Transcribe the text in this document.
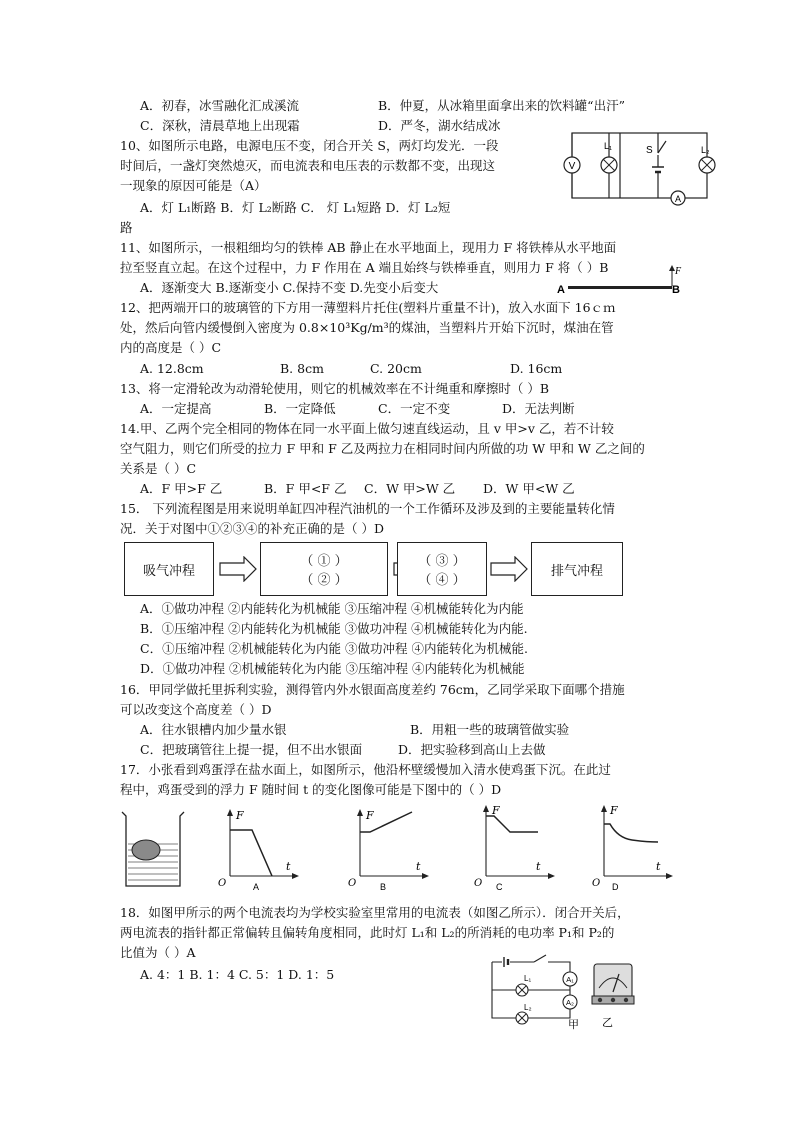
A．初春，冰雪融化汇成溪流	B．仲夏，从冰箱里面拿出来的饮料罐“出汗”
C．深秋，清晨草地上出现霜	D．严冬，湖水结成冰
10、如图所示电路，电源电压不变，闭合开关 S，两灯均发光．一段
时间后，一盏灯突然熄灭，而电流表和电压表的示数都不变，出现这
一现象的原因可能是（A）
A．灯 L₁断路 B．灯 L₂断路 C． 灯 L₁短路 D．灯 L₂短
路
V
L₁	S	L₂
A
11、如图所示，一根粗细均匀的铁棒 AB 静止在水平地面上，现用力 F 将铁棒从水平地面
拉至竖直立起。在这个过程中，力 F 作用在 A 端且始终与铁棒垂直，则用力 F 将（ ）B
A．逐渐变大 B.逐渐变小 C.保持不变 D.先变小后变大	A	B
F
12、把两端开口的玻璃管的下方用一薄塑料片托住(塑料片重量不计)，放入水面下 16ｃｍ
处，然后向管内缓慢倒入密度为 0.8×10³Kg/m³的煤油，当塑料片开始下沉时，煤油在管
内的高度是（ ）C
A. 12.8cm	B. 8cm	C. 20cm	D. 16cm
13、将一定滑轮改为动滑轮使用，则它的机械效率在不计绳重和摩擦时（ ）B
A．一定提高	B．一定降低	C．一定不变	D．无法判断
14.甲、乙两个完全相同的物体在同一水平面上做匀速直线运动，且 v 甲>v 乙，若不计较
空气阻力，则它们所受的拉力 F 甲和 F 乙及两拉力在相同时间内所做的功 W 甲和 W 乙之间的
关系是（ ）C
A．F 甲>F 乙	B．F 甲<F 乙 C．W 甲>W 乙 D．W 甲<W 乙
15． 下列流程图是用来说明单缸四冲程汽油机的一个工作循环及涉及到的主要能量转化情
况．关于对图中①②③④的补充正确的是（ ）D
吸气冲程
（ ① ）
（ ② ）
（ ③ ）
（ ④ ）
排气冲程
A．①做功冲程 ②内能转化为机械能 ③压缩冲程 ④机械能转化为内能
B．①压缩冲程 ②内能转化为机械能 ③做功冲程 ④机械能转化为内能.
C．①压缩冲程 ②机械能转化为内能 ③做功冲程 ④内能转化为机械能.
D．①做功冲程 ②机械能转化为内能 ③压缩冲程 ④内能转化为机械能
16．甲同学做托里拆利实验，测得管内外水银面高度差约 76cm，乙同学采取下面哪个措施
可以改变这个高度差（ ）D
A．往水银槽内加少量水银	B．用粗一些的玻璃管做实验
C．把玻璃管往上提一提，但不出水银面	D．把实验移到高山上去做
17．小张看到鸡蛋浮在盐水面上，如图所示，他沿杯壁缓慢加入清水使鸡蛋下沉。在此过
程中，鸡蛋受到的浮力 F 随时间 t 的变化图像可能是下图中的（ ）D
F
t
O	A
F
t
O	B
F
t
O C
F
t
O D
18．如图甲所示的两个电流表均为学校实验室里常用的电流表（如图乙所示）．闭合开关后，
两电流表的指针都正常偏转且偏转角度相同，此时灯 L₁和 L₂的所消耗的电功率 P₁和 P₂的
比值为（ ）A
A. 4：1 B. 1：4 C. 5：1 D. 1：5	L₁
L₂
A₁
A₂
甲 乙
